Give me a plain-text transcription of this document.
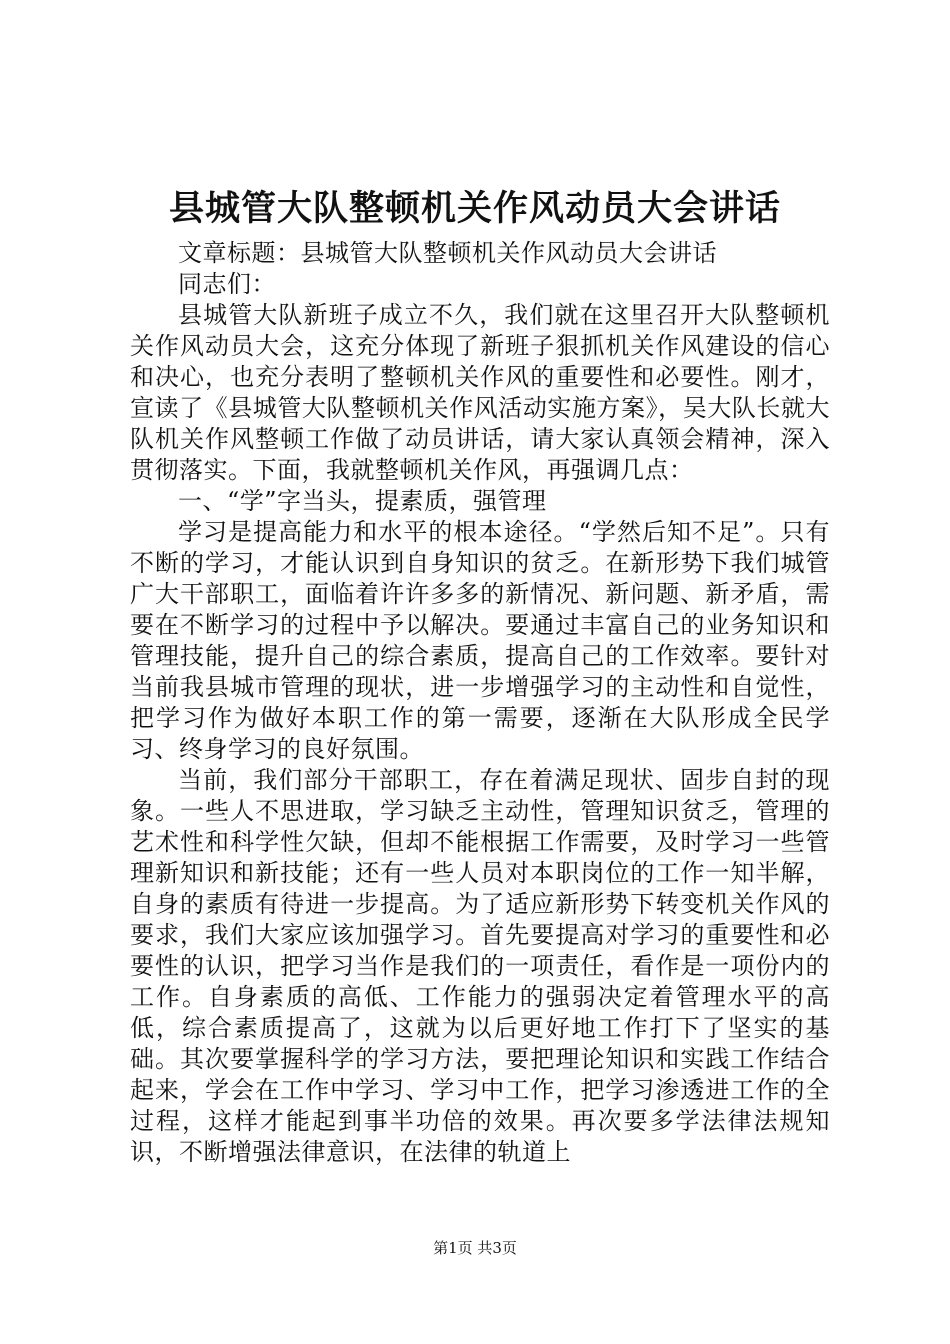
县城管大队整顿机关作风动员大会讲话

文章标题：县城管大队整顿机关作风动员大会讲话

同志们：

县城管大队新班子成立不久，我们就在这里召开大队整顿机关作风动员大会，这充分体现了新班子狠抓机关作风建设的信心和决心，也充分表明了整顿机关作风的重要性和必要性。刚才，宣读了《县城管大队整顿机关作风活动实施方案》，吴大队长就大队机关作风整顿工作做了动员讲话，请大家认真领会精神，深入贯彻落实。下面，我就整顿机关作风，再强调几点：

一、“学”字当头，提素质，强管理

学习是提高能力和水平的根本途径。“学然后知不足”。只有不断的学习，才能认识到自身知识的贫乏。在新形势下我们城管广大干部职工，面临着许许多多的新情况、新问题、新矛盾，需要在不断学习的过程中予以解决。要通过丰富自己的业务知识和管理技能，提升自己的综合素质，提高自己的工作效率。要针对当前我县城市管理的现状，进一步增强学习的主动性和自觉性，把学习作为做好本职工作的第一需要，逐渐在大队形成全民学习、终身学习的良好氛围。

当前，我们部分干部职工，存在着满足现状、固步自封的现象。一些人不思进取，学习缺乏主动性，管理知识贫乏，管理的艺术性和科学性欠缺，但却不能根据工作需要，及时学习一些管理新知识和新技能；还有一些人员对本职岗位的工作一知半解，自身的素质有待进一步提高。为了适应新形势下转变机关作风的要求，我们大家应该加强学习。首先要提高对学习的重要性和必要性的认识，把学习当作是我们的一项责任，看作是一项份内的工作。自身素质的高低、工作能力的强弱决定着管理水平的高低，综合素质提高了，这就为以后更好地工作打下了坚实的基础。其次要掌握科学的学习方法，要把理论知识和实践工作结合起来，学会在工作中学习、学习中工作，把学习渗透进工作的全过程，这样才能起到事半功倍的效果。再次要多学法律法规知识，不断增强法律意识，在法律的轨道上

第1页 共3页
